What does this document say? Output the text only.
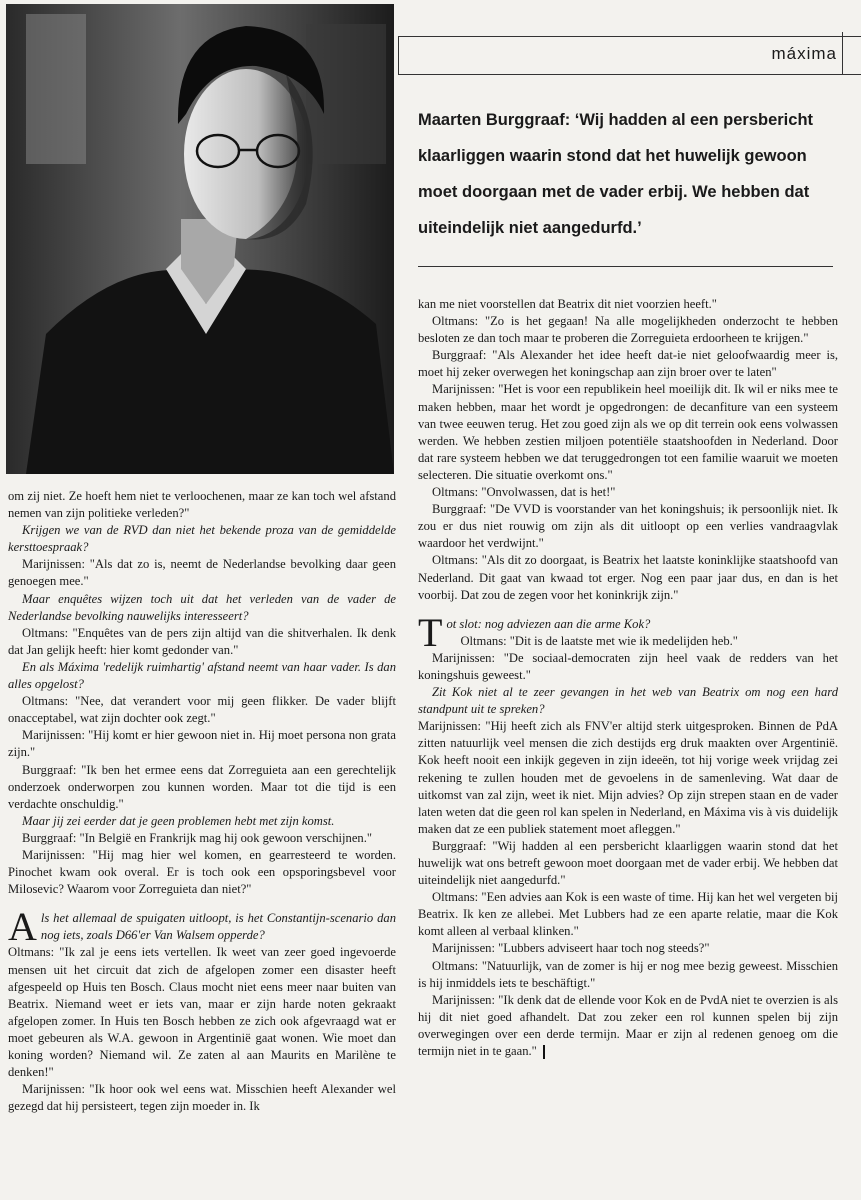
máxima

Maarten Burggraaf: ‘Wij hadden al een persbericht klaarliggen waarin stond dat het huwelijk gewoon moet doorgaan met de vader erbij. We hebben dat uiteindelijk niet aangedurfd.’

om zij niet. Ze hoeft hem niet te verloochenen, maar ze kan toch wel afstand nemen van zijn politieke verleden?"

Krijgen we van de RVD dan niet het bekende proza van de gemiddelde kersttoespraak?

Marijnissen: "Als dat zo is, neemt de Nederlandse bevolking daar geen genoegen mee."

Maar enquêtes wijzen toch uit dat het verleden van de vader de Nederlandse bevolking nauwelijks interesseert?

Oltmans: "Enquêtes van de pers zijn altijd van die shitverhalen. Ik denk dat Jan gelijk heeft: hier komt gedonder van."

En als Máxima 'redelijk ruimhartig' afstand neemt van haar vader. Is dan alles opgelost?

Oltmans: "Nee, dat verandert voor mij geen flikker. De vader blijft onacceptabel, wat zijn dochter ook zegt."

Marijnissen: "Hij komt er hier gewoon niet in. Hij moet persona non grata zijn."

Burggraaf: "Ik ben het ermee eens dat Zorreguieta aan een gerechtelijk onderzoek onderworpen zou kunnen worden. Maar tot die tijd is een verdachte onschuldig."

Maar jij zei eerder dat je geen problemen hebt met zijn komst.

Burggraaf: "In België en Frankrijk mag hij ook gewoon verschijnen."

Marijnissen: "Hij mag hier wel komen, en gearresteerd te worden. Pinochet kwam ook overal. Er is toch ook een opsporingsbevel voor Milosevic? Waarom voor Zorreguieta dan niet?"

Als het allemaal de spuigaten uitloopt, is het Constantijn-scenario dan nog iets, zoals D66'er Van Walsem opperde?

Oltmans: "Ik zal je eens iets vertellen. Ik weet van zeer goed ingevoerde mensen uit het circuit dat zich de afgelopen zomer een disaster heeft afgespeeld op Huis ten Bosch. Claus mocht niet eens meer naar buiten van Beatrix. Niemand weet er iets van, maar er zijn harde noten gekraakt afgelopen zomer. In Huis ten Bosch hebben ze zich ook afgevraagd wat er moet gebeuren als W.A. gewoon in Argentinië gaat wonen. Wie moet dan koning worden? Niemand wil. Ze zaten al aan Maurits en Marilène te denken!"

Marijnissen: "Ik hoor ook wel eens wat. Misschien heeft Alexander wel gezegd dat hij persisteert, tegen zijn moeder in. Ik

kan me niet voorstellen dat Beatrix dit niet voorzien heeft."

Oltmans: "Zo is het gegaan! Na alle mogelijkheden onderzocht te hebben besloten ze dan toch maar te proberen die Zorreguieta erdoorheen te krijgen."

Burggraaf: "Als Alexander het idee heeft dat-ie niet geloofwaardig meer is, moet hij zeker overwegen het koningschap aan zijn broer over te laten"

Marijnissen: "Het is voor een republikein heel moeilijk dit. Ik wil er niks mee te maken hebben, maar het wordt je opgedrongen: de decanfiture van een systeem van twee eeuwen terug. Het zou goed zijn als we op dit terrein ook eens volwassen werden. We hebben zestien miljoen potentiële staatshoofden in Nederland. Door dat rare systeem hebben we dat teruggedrongen tot een familie waaruit we moeten selecteren. Die situatie overkomt ons."

Oltmans: "Onvolwassen, dat is het!"

Burggraaf: "De VVD is voorstander van het koningshuis; ik persoonlijk niet. Ik zou er dus niet rouwig om zijn als dit uitloopt op een verlies vandraagvlak waardoor het verdwijnt."

Oltmans: "Als dit zo doorgaat, is Beatrix het laatste koninklijke staatshoofd van Nederland. Dit gaat van kwaad tot erger. Nog een paar jaar dus, en dan is het voorbij. Dat zou de zegen voor het koninkrijk zijn."

Tot slot: nog adviezen aan die arme Kok?

Oltmans: "Dit is de laatste met wie ik medelijden heb."

Marijnissen: "De sociaal-democraten zijn heel vaak de redders van het koningshuis geweest."

Zit Kok niet al te zeer gevangen in het web van Beatrix om nog een hard standpunt uit te spreken?

Marijnissen: "Hij heeft zich als FNV'er altijd sterk uitgesproken. Binnen de PdA zitten natuurlijk veel mensen die zich destijds erg druk maakten over Argentinië. Kok heeft nooit een inkijk gegeven in zijn ideeën, tot hij vorige week vrijdag zei rekening te zullen houden met de gevoelens in de samenleving. Wat daar de uitkomst van zal zijn, weet ik niet. Mijn advies? Op zijn strepen staan en de vader laten weten dat die geen rol kan spelen in Nederland, en Máxima vis à vis duidelijk maken dat ze een publiek statement moet afleggen."

Burggraaf: "Wij hadden al een persbericht klaarliggen waarin stond dat het huwelijk wat ons betreft gewoon moet doorgaan met de vader erbij. We hebben dat uiteindelijk niet aangedurfd."

Oltmans: "Een advies aan Kok is een waste of time. Hij kan het wel vergeten bij Beatrix. Ik ken ze allebei. Met Lubbers had ze een aparte relatie, maar die Kok komt alleen al verbaal klinken."

Marijnissen: "Lubbers adviseert haar toch nog steeds?"

Oltmans: "Natuurlijk, van de zomer is hij er nog mee bezig geweest. Misschien is hij inmiddels iets te beschäftigt."

Marijnissen: "Ik denk dat de ellende voor Kok en de PvdA niet te overzien is als hij dit niet goed afhandelt. Dat zou zeker een rol kunnen spelen bij zijn overwegingen over een derde termijn. Maar er zijn al redenen genoeg om die termijn niet in te gaan."
